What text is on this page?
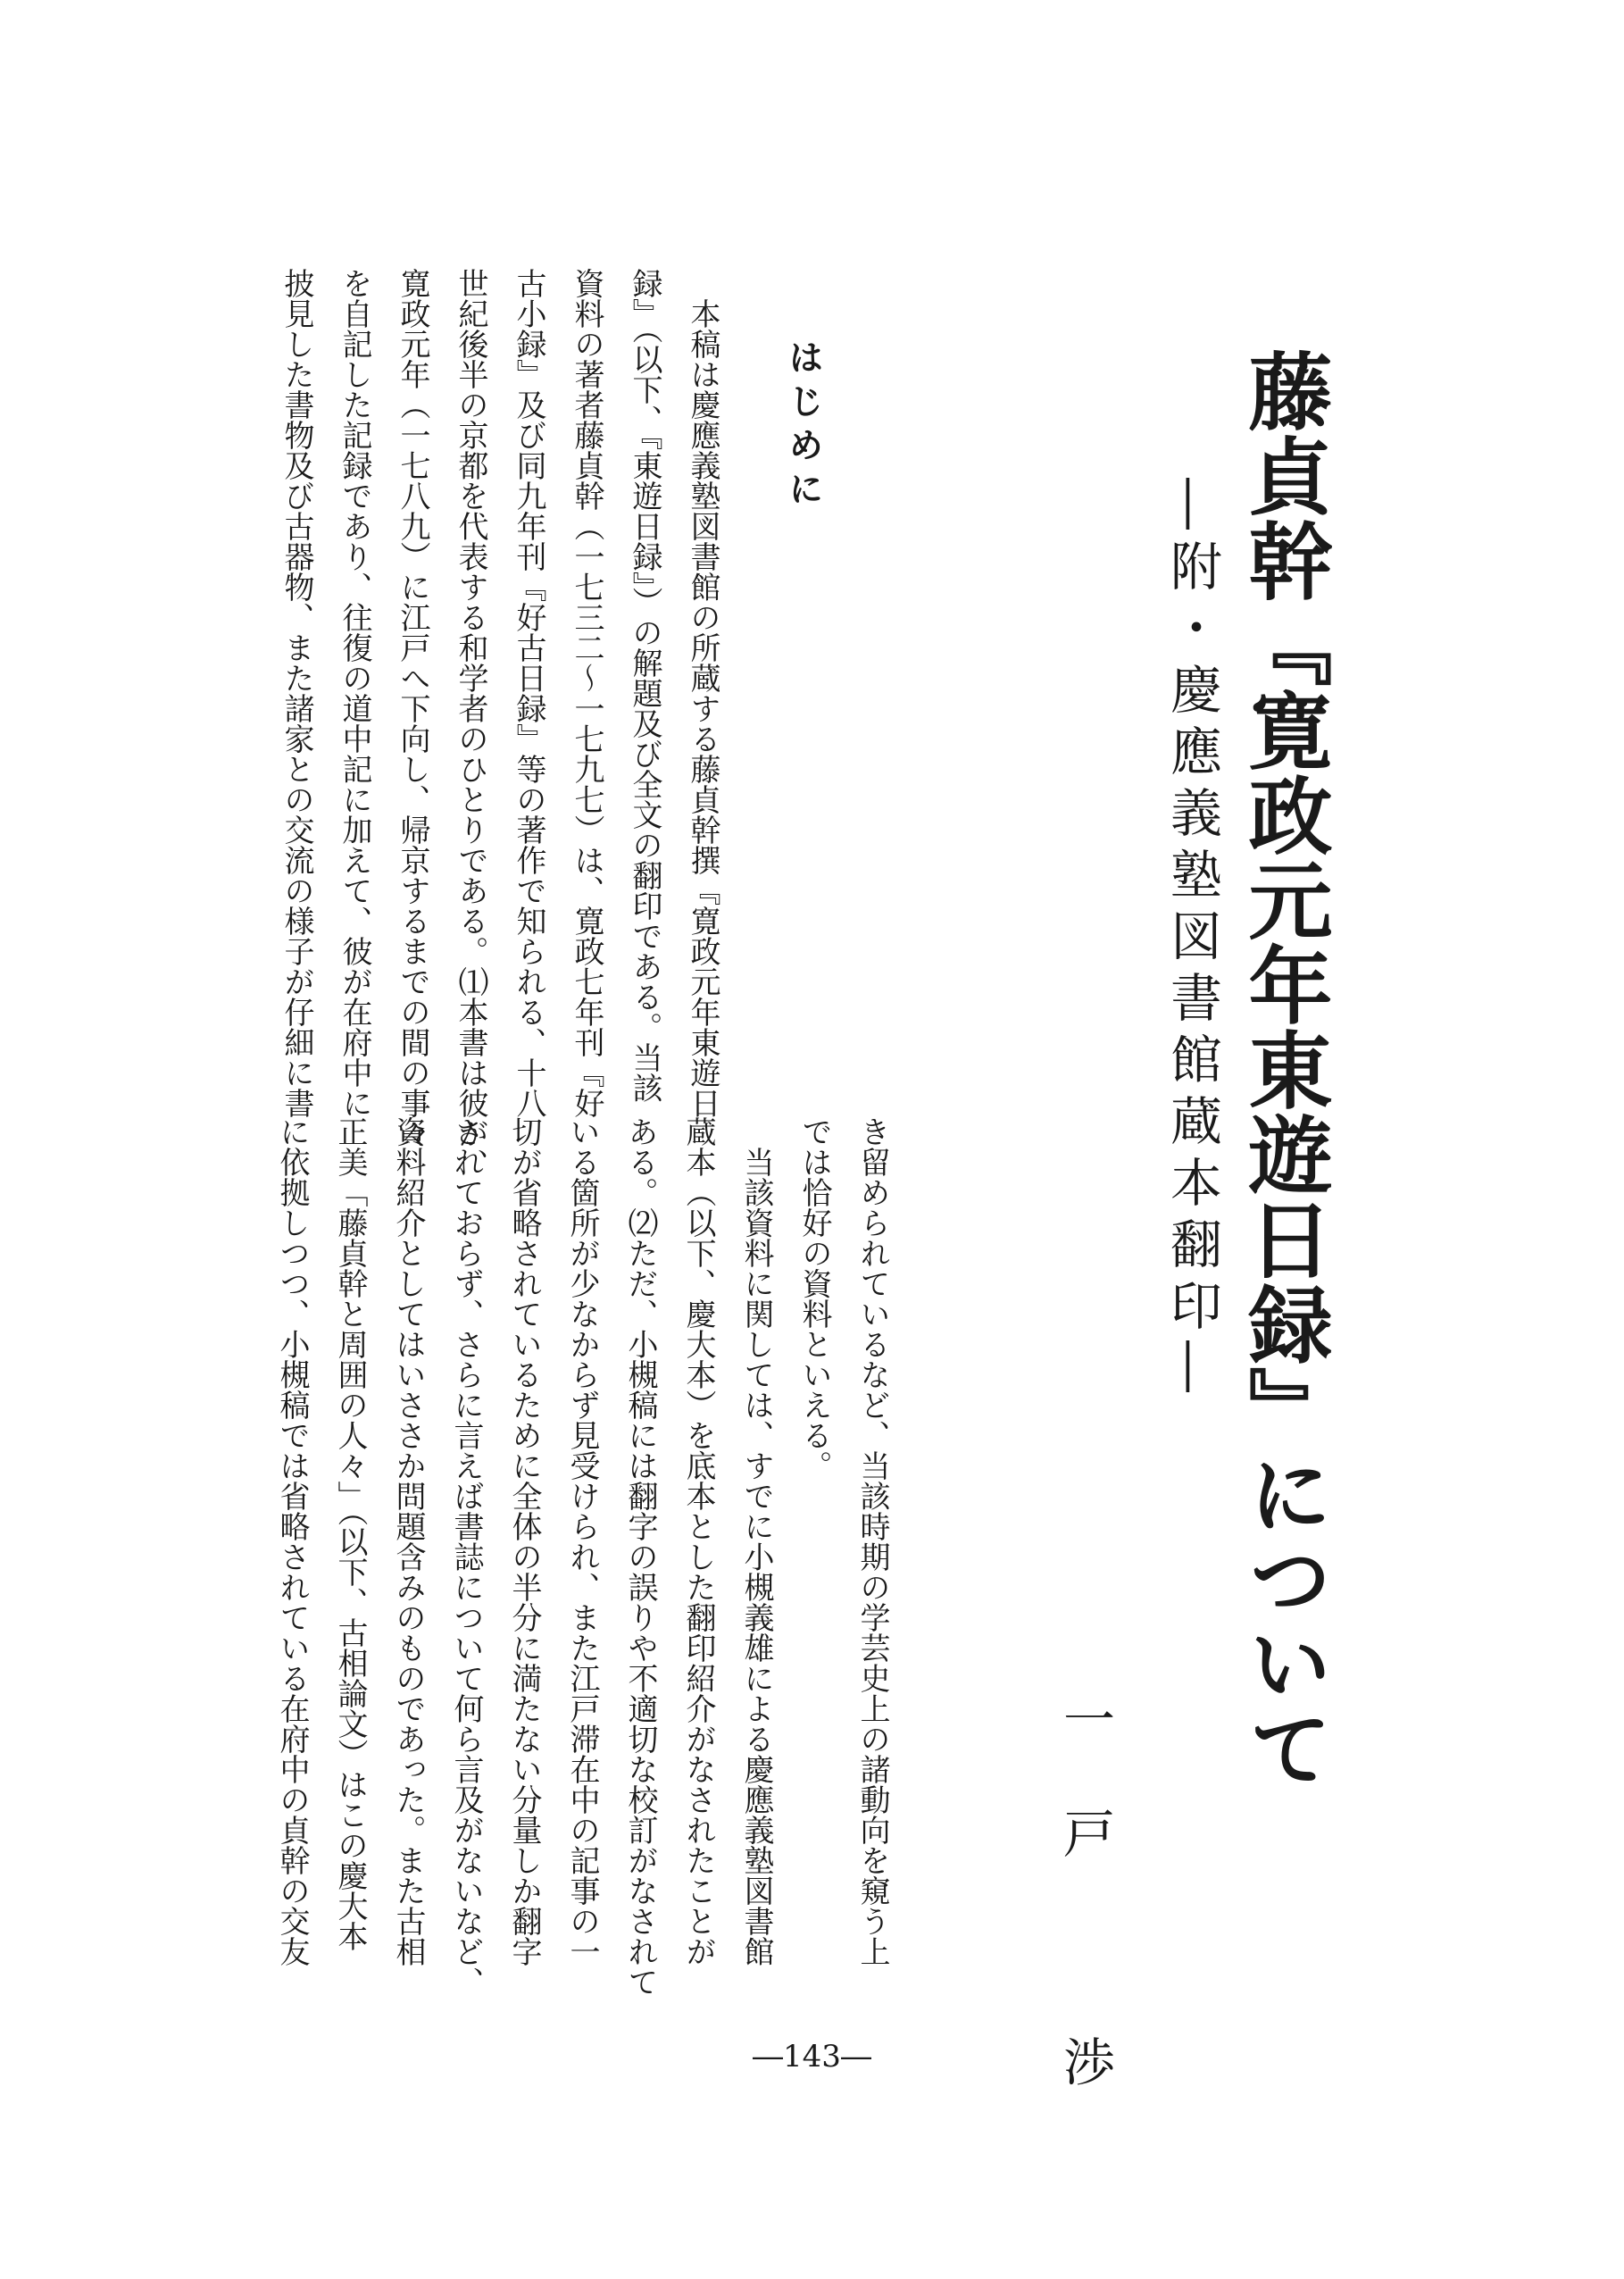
藤貞幹『寛政元年東遊日録』について
―附・慶應義塾図書館蔵本翻印―
一戸　渉
はじめに
　本稿は慶應義塾図書館の所蔵する藤貞幹撰『寛政元年東遊日
録』（以下、『東遊日録』）の解題及び全文の翻印である。当該
資料の著者藤貞幹（一七三二～一七九七）は、寛政七年刊『好
古小録』及び同九年刊『好古日録』等の著作で知られる、十八
世紀後半の京都を代表する和学者のひとりである。⑴本書は彼が、
寛政元年（一七八九）に江戸へ下向し、帰京するまでの間の事々
を自記した記録であり、往復の道中記に加えて、彼が在府中に
披見した書物及び古器物、また諸家との交流の様子が仔細に書
き留められているなど、当該時期の学芸史上の諸動向を窺う上
では恰好の資料といえる。
　当該資料に関しては、すでに小槻義雄による慶應義塾図書館
蔵本（以下、慶大本）を底本とした翻印紹介がなされたことが
ある。⑵ただ、小槻稿には翻字の誤りや不適切な校訂がなされて
いる箇所が少なからず見受けられ、また江戸滞在中の記事の一
切が省略されているために全体の半分に満たない分量しか翻字
されておらず、さらに言えば書誌について何ら言及がないなど、
資料紹介としてはいささか問題含みのものであった。また古相
正美「藤貞幹と周囲の人々」（以下、古相論文）はこの慶大本
に依拠しつつ、小槻稿では省略されている在府中の貞幹の交友
―143―
